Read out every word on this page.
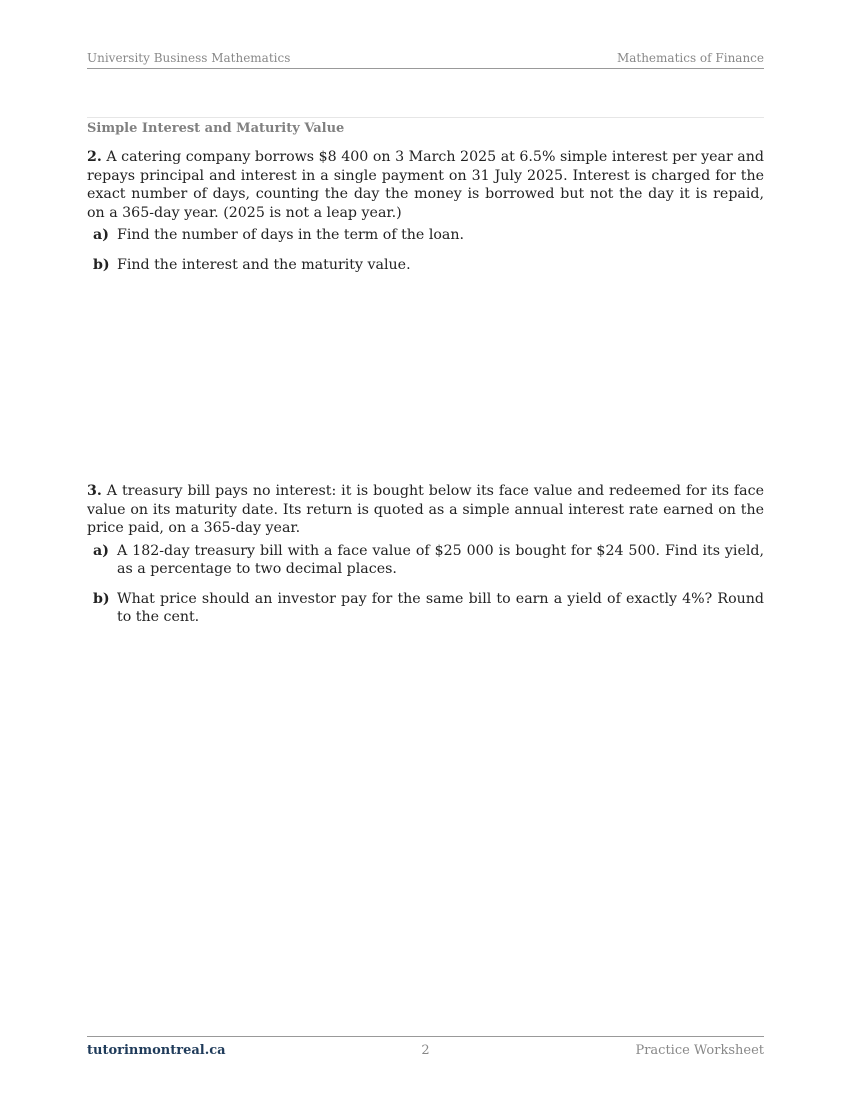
University Business Mathematics	Mathematics of Finance
Simple Interest and Maturity Value

2. A catering company borrows $8 400 on 3 March 2025 at 6.5% simple interest per year and repays principal and interest in a single payment on 31 July 2025. Interest is charged for the exact number of days, counting the day the money is borrowed but not the day it is repaid, on a 365-day year. (2025 is not a leap year.)

a) Find the number of days in the term of the loan.
b) Find the interest and the maturity value.

3. A treasury bill pays no interest: it is bought below its face value and redeemed for its face value on its maturity date. Its return is quoted as a simple annual interest rate earned on the price paid, on a 365-day year.

a) A 182-day treasury bill with a face value of $25 000 is bought for $24 500. Find its yield, as a percentage to two decimal places.
b) What price should an investor pay for the same bill to earn a yield of exactly 4%? Round to the cent.
tutorinmontreal.ca	2	Practice Worksheet
